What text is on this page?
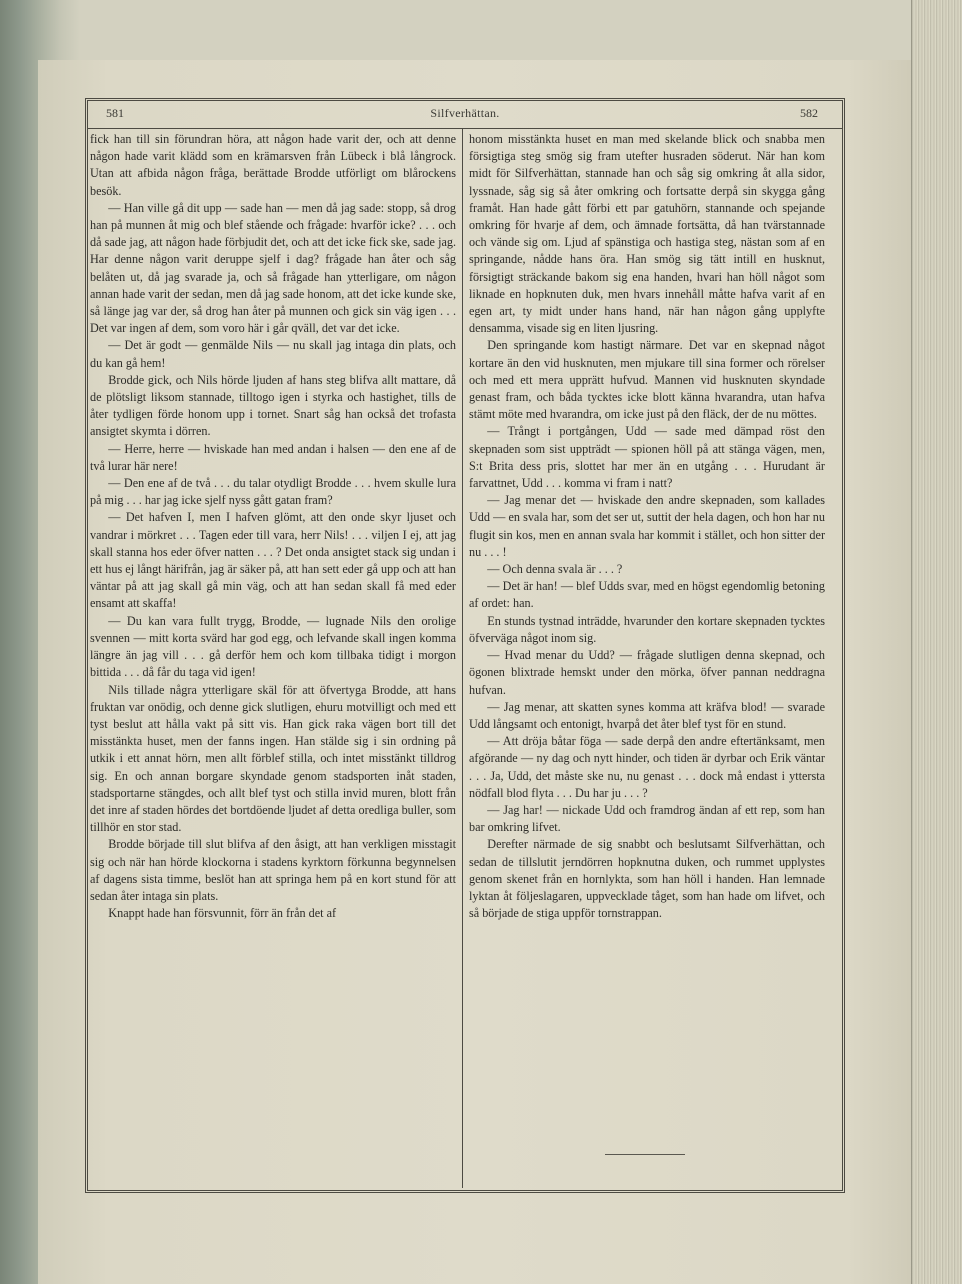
581	Silfverhättan.	582

fick han till sin förundran höra, att någon hade varit der, och att denne någon hade varit klädd som en krämarsven från Lübeck i blå långrock. Utan att afbida någon fråga, berättade Brodde utförligt om blårockens besök.

— Han ville gå dit upp — sade han — men då jag sade: stopp, så drog han på munnen åt mig och blef stående och frågade: hvarför icke? . . . och då sade jag, att någon hade förbjudit det, och att det icke fick ske, sade jag. Har denne någon varit deruppe sjelf i dag? frågade han åter och såg belåten ut, då jag svarade ja, och så frågade han ytterligare, om någon annan hade varit der sedan, men då jag sade honom, att det icke kunde ske, så länge jag var der, så drog han åter på munnen och gick sin väg igen . . . Det var ingen af dem, som voro här i går qväll, det var det icke.

— Det är godt — genmälde Nils — nu skall jag intaga din plats, och du kan gå hem!

Brodde gick, och Nils hörde ljuden af hans steg blifva allt mattare, då de plötsligt liksom stannade, tilltogo igen i styrka och hastighet, tills de åter tydligen förde honom upp i tornet. Snart såg han också det trofasta ansigtet skymta i dörren.

— Herre, herre — hviskade han med andan i halsen — den ene af de två lurar här nere!

— Den ene af de två . . . du talar otydligt Brodde . . . hvem skulle lura på mig . . . har jag icke sjelf nyss gått gatan fram?

— Det hafven I, men I hafven glömt, att den onde skyr ljuset och vandrar i mörkret . . . Tagen eder till vara, herr Nils! . . . viljen I ej, att jag skall stanna hos eder öfver natten . . . ? Det onda ansigtet stack sig undan i ett hus ej långt härifrån, jag är säker på, att han sett eder gå upp och att han väntar på att jag skall gå min väg, och att han sedan skall få med eder ensamt att skaffa!

— Du kan vara fullt trygg, Brodde, — lugnade Nils den orolige svennen — mitt korta svärd har god egg, och lefvande skall ingen komma längre än jag vill . . . gå derför hem och kom tillbaka tidigt i morgon bittida . . . då får du taga vid igen!

Nils tillade några ytterligare skäl för att öfvertyga Brodde, att hans fruktan var onödig, och denne gick slutligen, ehuru motvilligt och med ett tyst beslut att hålla vakt på sitt vis. Han gick raka vägen bort till det misstänkta huset, men der fanns ingen. Han stälde sig i sin ordning på utkik i ett annat hörn, men allt förblef stilla, och intet misstänkt tilldrog sig. En och annan borgare skyndade genom stadsporten inåt staden, stadsportarne stängdes, och allt blef tyst och stilla invid muren, blott från det inre af staden hördes det bortdöende ljudet af detta oredliga buller, som tillhör en stor stad.

Brodde började till slut blifva af den åsigt, att han verkligen misstagit sig och när han hörde klockorna i stadens kyrktorn förkunna begynnelsen af dagens sista timme, beslöt han att springa hem på en kort stund för att sedan åter intaga sin plats.

Knappt hade han försvunnit, förr än från det af

honom misstänkta huset en man med skelande blick och snabba men försigtiga steg smög sig fram utefter husraden söderut. När han kom midt för Silfverhättan, stannade han och såg sig omkring åt alla sidor, lyssnade, såg sig så åter omkring och fortsatte derpå sin skygga gång framåt. Han hade gått förbi ett par gatuhörn, stannande och spejande omkring för hvarje af dem, och ämnade fortsätta, då han tvärstannade och vände sig om. Ljud af spänstiga och hastiga steg, nästan som af en springande, nådde hans öra. Han smög sig tätt intill en husknut, försigtigt sträckande bakom sig ena handen, hvari han höll något som liknade en hopknuten duk, men hvars innehåll måtte hafva varit af en egen art, ty midt under hans hand, när han någon gång upplyfte densamma, visade sig en liten ljusring.

Den springande kom hastigt närmare. Det var en skepnad något kortare än den vid husknuten, men mjukare till sina former och rörelser och med ett mera upprätt hufvud. Mannen vid husknuten skyndade genast fram, och båda tycktes icke blott känna hvarandra, utan hafva stämt möte med hvarandra, om icke just på den fläck, der de nu möttes.

— Trångt i portgången, Udd — sade med dämpad röst den skepnaden som sist uppträdt — spionen höll på att stänga vägen, men, S:t Brita dess pris, slottet har mer än en utgång . . . Hurudant är farvattnet, Udd . . . komma vi fram i natt?

— Jag menar det — hviskade den andre skepnaden, som kallades Udd — en svala har, som det ser ut, suttit der hela dagen, och hon har nu flugit sin kos, men en annan svala har kommit i stället, och hon sitter der nu . . . !

— Och denna svala är . . . ?

— Det är han! — blef Udds svar, med en högst egendomlig betoning af ordet: han.

En stunds tystnad inträdde, hvarunder den kortare skepnaden tycktes öfverväga något inom sig.

— Hvad menar du Udd? — frågade slutligen denna skepnad, och ögonen blixtrade hemskt under den mörka, öfver pannan neddragna hufvan.

— Jag menar, att skatten synes komma att kräfva blod! — svarade Udd långsamt och entonigt, hvarpå det åter blef tyst för en stund.

— Att dröja båtar föga — sade derpå den andre eftertänksamt, men afgörande — ny dag och nytt hinder, och tiden är dyrbar och Erik väntar . . . Ja, Udd, det måste ske nu, nu genast . . . dock må endast i yttersta nödfall blod flyta . . . Du har ju . . . ?

— Jag har! — nickade Udd och framdrog ändan af ett rep, som han bar omkring lifvet.

Derefter närmade de sig snabbt och beslutsamt Silfverhättan, och sedan de tillslutit jerndörren hopknutna duken, och rummet upplystes genom skenet från en hornlykta, som han höll i handen. Han lemnade lyktan åt följeslagaren, uppvecklade tåget, som han hade om lifvet, och så började de stiga uppför tornstrappan.
